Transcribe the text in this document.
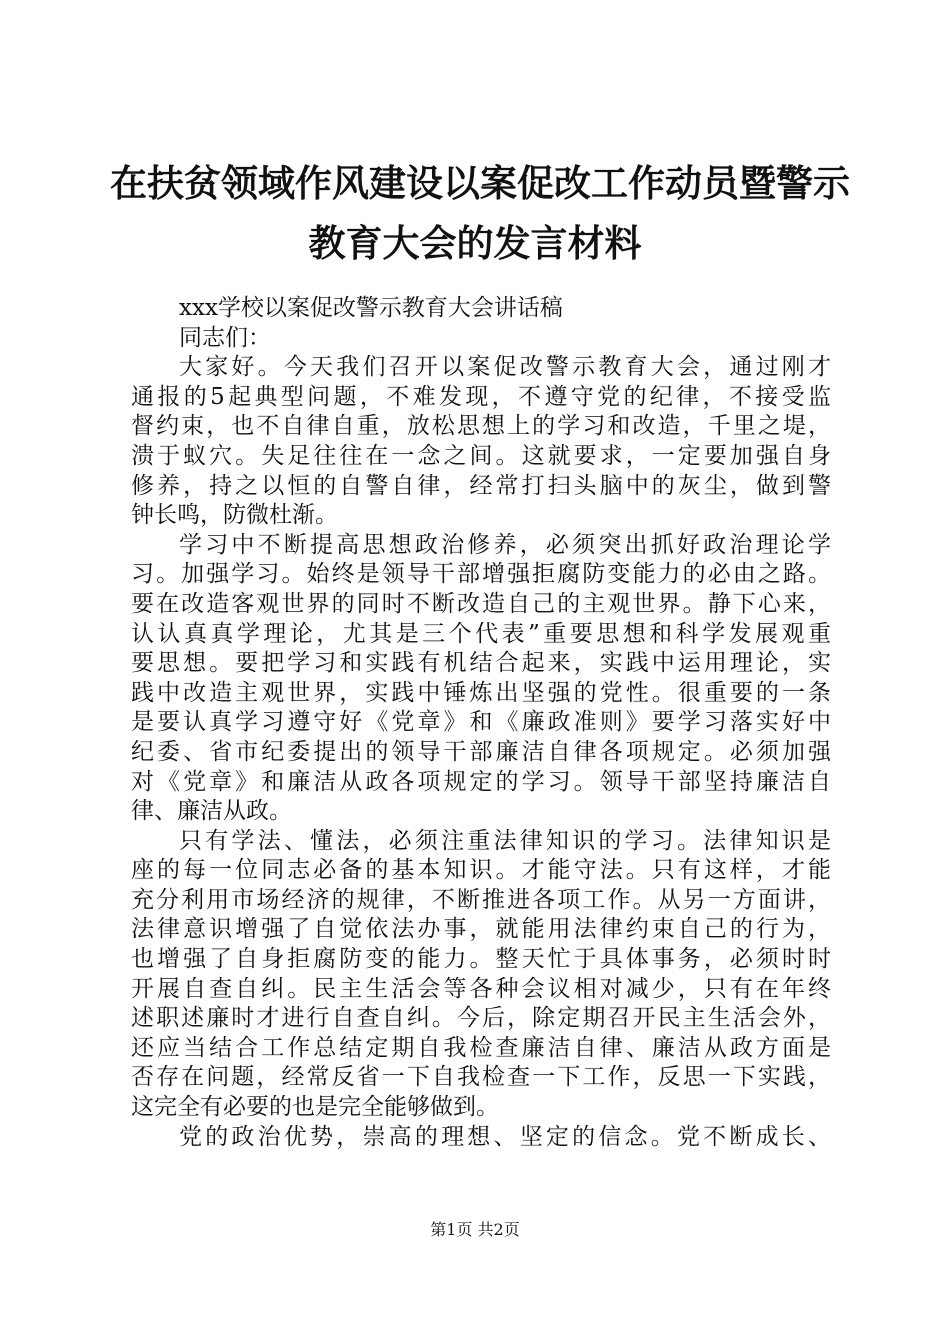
在扶贫领域作风建设以案促改工作动员暨警示
教育大会的发言材料
xxx学校以案促改警示教育大会讲话稿
同志们：
大家好。今天我们召开以案促改警示教育大会，通过刚才
通报的5起典型问题，不难发现，不遵守党的纪律，不接受监
督约束，也不自律自重，放松思想上的学习和改造，千里之堤，
溃于蚁穴。失足往往在一念之间。这就要求，一定要加强自身
修养，持之以恒的自警自律，经常打扫头脑中的灰尘，做到警
钟长鸣，防微杜渐。
学习中不断提高思想政治修养，必须突出抓好政治理论学
习。加强学习。始终是领导干部增强拒腐防变能力的必由之路。
要在改造客观世界的同时不断改造自己的主观世界。静下心来，
认认真真学理论，尤其是三个代表”重要思想和科学发展观重
要思想。要把学习和实践有机结合起来，实践中运用理论，实
践中改造主观世界，实践中锤炼出坚强的党性。很重要的一条
是要认真学习遵守好《党章》和《廉政准则》要学习落实好中
纪委、省市纪委提出的领导干部廉洁自律各项规定。必须加强
对《党章》和廉洁从政各项规定的学习。领导干部坚持廉洁自
律、廉洁从政。
只有学法、懂法，必须注重法律知识的学习。法律知识是
座的每一位同志必备的基本知识。才能守法。只有这样，才能
充分利用市场经济的规律，不断推进各项工作。从另一方面讲，
法律意识增强了自觉依法办事，就能用法律约束自己的行为，
也增强了自身拒腐防变的能力。整天忙于具体事务，必须时时
开展自查自纠。民主生活会等各种会议相对减少，只有在年终
述职述廉时才进行自查自纠。今后，除定期召开民主生活会外，
还应当结合工作总结定期自我检查廉洁自律、廉洁从政方面是
否存在问题，经常反省一下自我检查一下工作，反思一下实践，
这完全有必要的也是完全能够做到。
党的政治优势，崇高的理想、坚定的信念。党不断成长、
第1页 共2页
